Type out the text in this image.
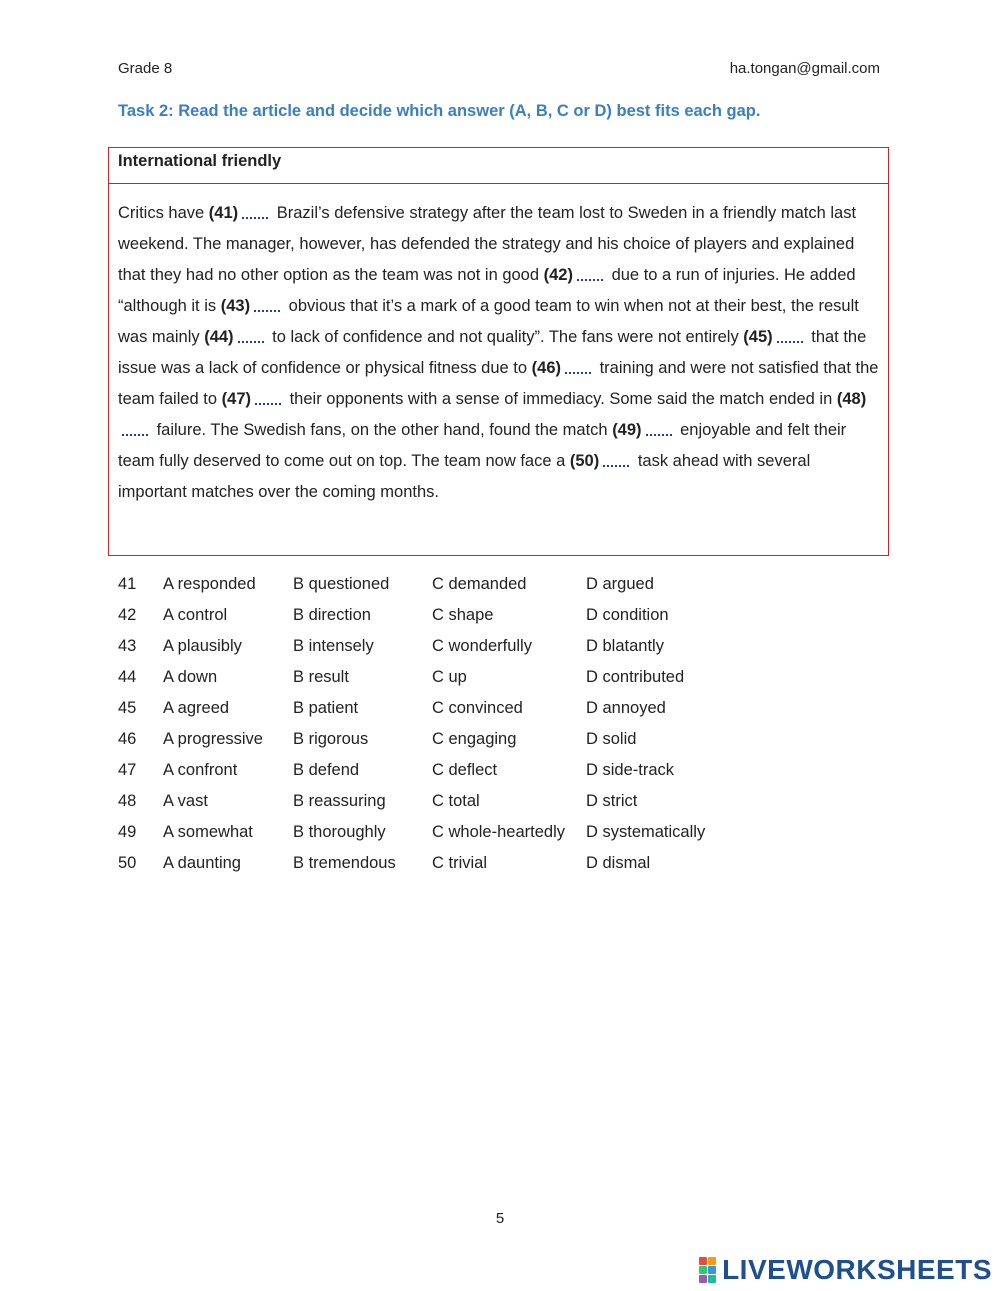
Grade 8	ha.tongan@gmail.com
Task 2: Read the article and decide which answer (A, B, C or D) best fits each gap.
International friendly
Critics have (41) Brazil’s defensive strategy after the team lost to Sweden in a friendly match last weekend. The manager, however, has defended the strategy and his choice of players and explained that they had no other option as the team was not in good (42) due to a run of injuries. He added “although it is (43) obvious that it’s a mark of a good team to win when not at their best, the result was mainly (44) to lack of confidence and not quality”. The fans were not entirely (45) that the issue was a lack of confidence or physical fitness due to (46) training and were not satisfied that the team failed to (47) their opponents with a sense of immediacy. Some said the match ended in (48) failure. The Swedish fans, on the other hand, found the match (49) enjoyable and felt their team fully deserved to come out on top. The team now face a (50) task ahead with several important matches over the coming months.
41	A responded	B questioned	C demanded	D argued
42	A control	B direction	C shape	D condition
43	A plausibly	B intensely	C wonderfully	D blatantly
44	A down	B result	C up	D contributed
45	A agreed	B patient	C convinced	D annoyed
46	A progressive	B rigorous	C engaging	D solid
47	A confront	B defend	C deflect	D side-track
48	A vast	B reassuring	C total	D strict
49	A somewhat	B thoroughly	C whole-heartedly	D systematically
50	A daunting	B tremendous	C trivial	D dismal
5
LIVEWORKSHEETS
